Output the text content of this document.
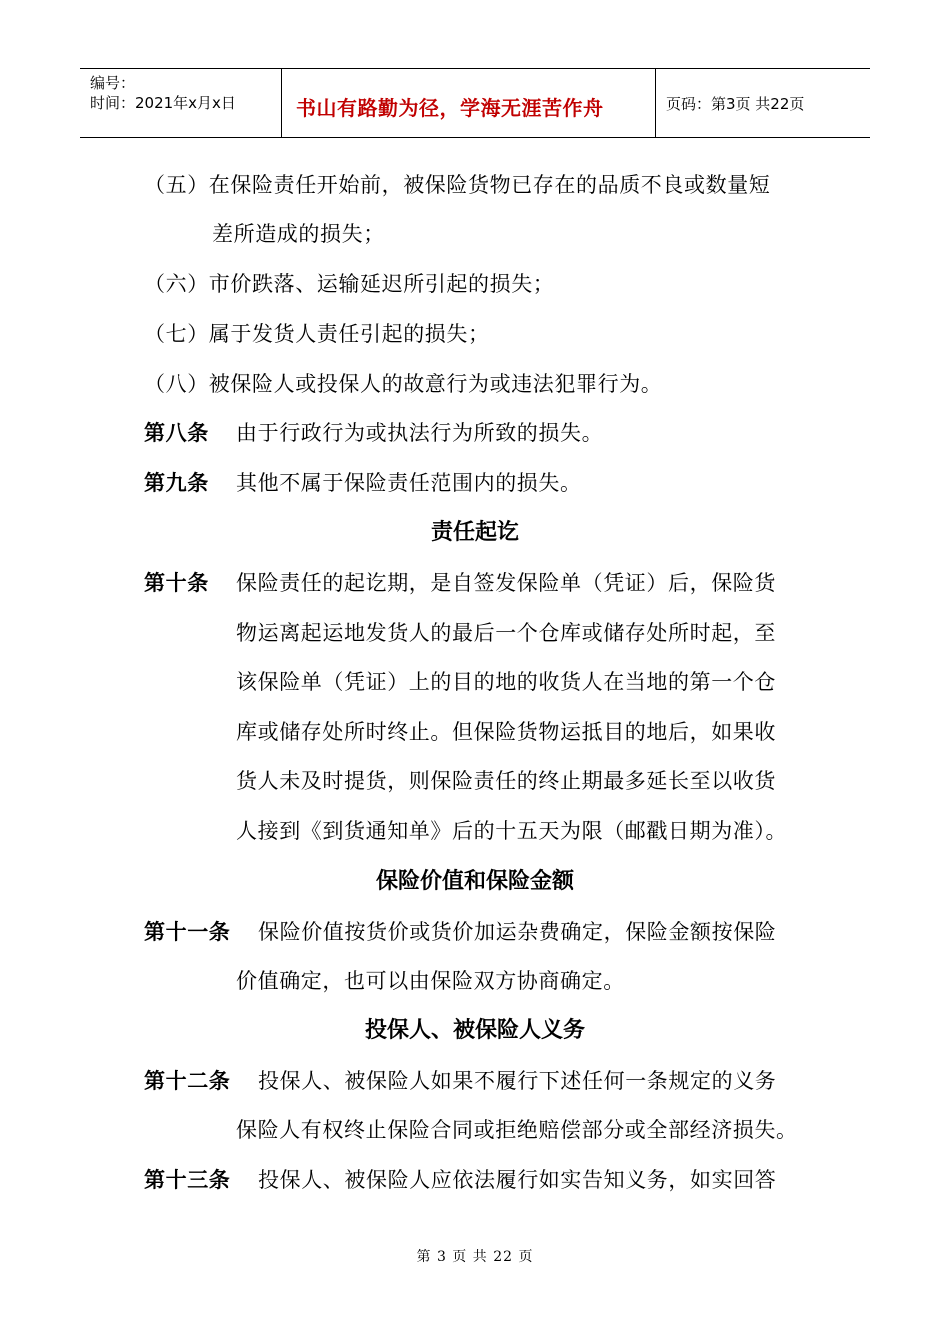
编号：
时间：2021年x月x日	书山有路勤为径，学海无涯苦作舟	页码：第3页 共22页
（五）在保险责任开始前，被保险货物已存在的品质不良或数量短
差所造成的损失；
（六）市价跌落、运输延迟所引起的损失；
（七）属于发货人责任引起的损失；
（八）被保险人或投保人的故意行为或违法犯罪行为。
第八条 由于行政行为或执法行为所致的损失。
第九条 其他不属于保险责任范围内的损失。
责任起讫
第十条 保险责任的起讫期，是自签发保险单（凭证）后，保险货
物运离起运地发货人的最后一个仓库或储存处所时起，至
该保险单（凭证）上的目的地的收货人在当地的第一个仓
库或储存处所时终止。但保险货物运抵目的地后，如果收
货人未及时提货，则保险责任的终止期最多延长至以收货
人接到《到货通知单》后的十五天为限（邮戳日期为准）。
保险价值和保险金额
第十一条 保险价值按货价或货价加运杂费确定，保险金额按保险
价值确定，也可以由保险双方协商确定。
投保人、被保险人义务
第十二条 投保人、被保险人如果不履行下述任何一条规定的义务
保险人有权终止保险合同或拒绝赔偿部分或全部经济损失。
第十三条 投保人、被保险人应依法履行如实告知义务，如实回答
第 3 页 共 22 页
